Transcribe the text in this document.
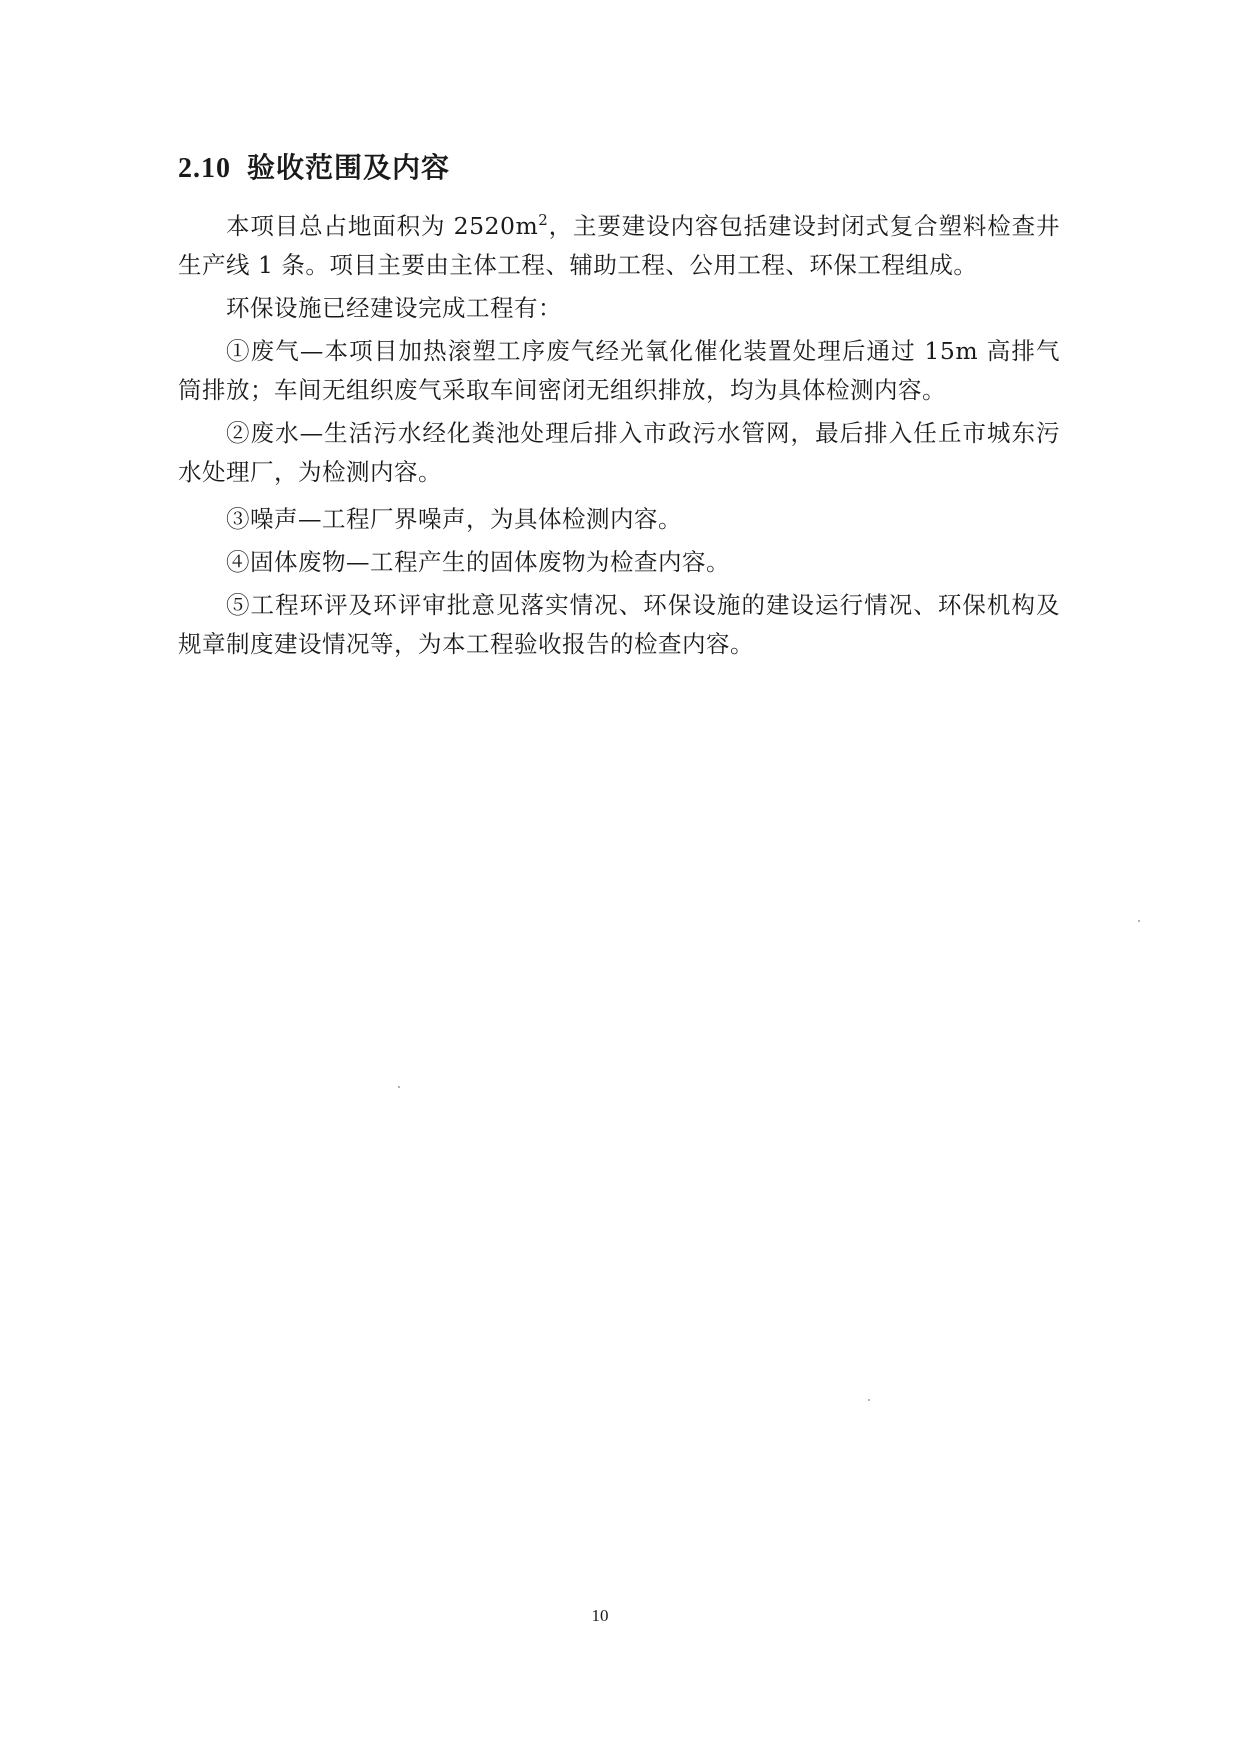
2.10 验收范围及内容

本项目总占地面积为 $2520m^2$，主要建设内容包括建设封闭式复合塑料检查井生产线 1 条。项目主要由主体工程、辅助工程、公用工程、环保工程组成。

环保设施已经建设完成工程有：

①废气—本项目加热滚塑工序废气经光氧化催化装置处理后通过 15m 高排气筒排放；车间无组织废气采取车间密闭无组织排放，均为具体检测内容。

②废水—生活污水经化粪池处理后排入市政污水管网，最后排入任丘市城东污水处理厂，为检测内容。

③噪声—工程厂界噪声，为具体检测内容。

④固体废物—工程产生的固体废物为检查内容。

⑤工程环评及环评审批意见落实情况、环保设施的建设运行情况、环保机构及规章制度建设情况等，为本工程验收报告的检查内容。

10
